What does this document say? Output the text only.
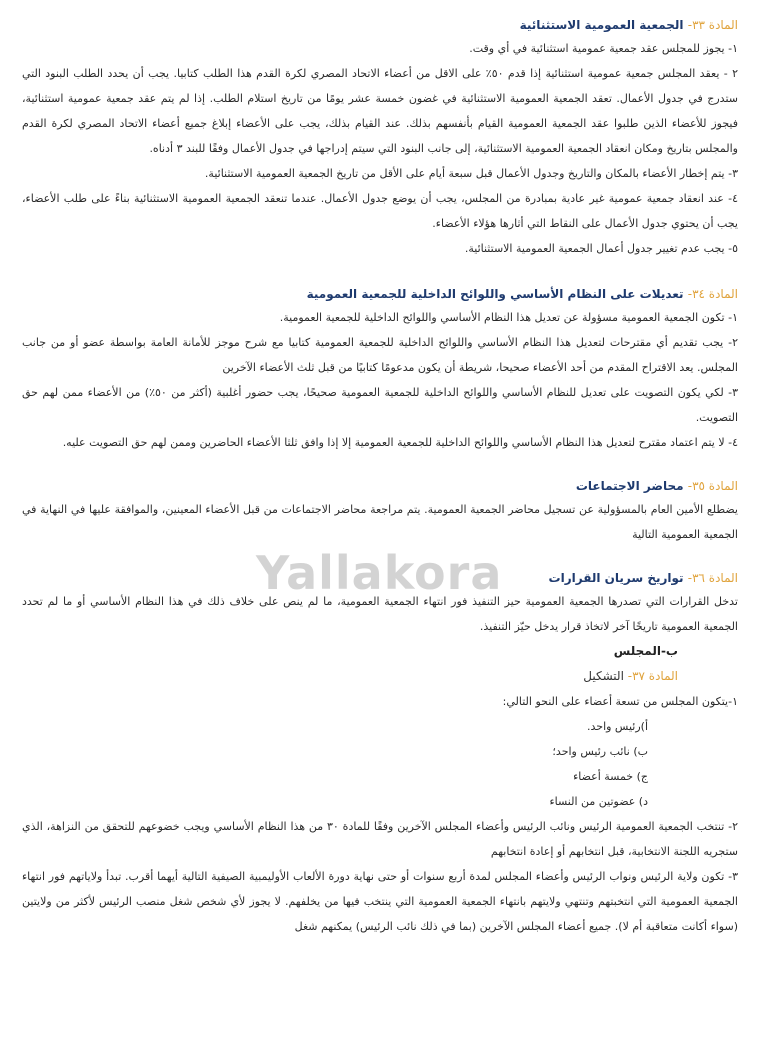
المادة ٣٣- الجمعية العمومية الاستثنائية

١- يجوز للمجلس عقد جمعية عمومية استثنائية في أي وقت.

٢ - يعقد المجلس جمعية عمومية استثنائية إذا قدم ٥٠٪ على الاقل من أعضاء الاتحاد المصري لكرة القدم هذا الطلب كتابيا. يجب أن يحدد الطلب البنود التي ستدرج في جدول الأعمال. تعقد الجمعية العمومية الاستثنائية في غضون خمسة عشر يومًا من تاريخ استلام الطلب. إذا لم يتم عقد جمعية عمومية استثنائية، فيجوز للأعضاء الذين طلبوا عقد الجمعية العمومية القيام بأنفسهم بذلك. عند القيام بذلك، يجب على الأعضاء إبلاغ جميع أعضاء الاتحاد المصري لكرة القدم والمجلس بتاريخ ومكان انعقاد الجمعية العمومية الاستثنائية، إلى جانب البنود التي سيتم إدراجها في جدول الأعمال وفقًا للبند ٣ أدناه.

٣- يتم إخطار الأعضاء بالمكان والتاريخ وجدول الأعمال قبل سبعة أيام على الأقل من تاريخ الجمعية العمومية الاستثنائية.

٤- عند انعقاد جمعية عمومية غير عادية بمبادرة من المجلس، يجب أن يوضع جدول الأعمال. عندما تنعقد الجمعية العمومية الاستثنائية بناءً على طلب الأعضاء، يجب أن يحتوي جدول الأعمال على النقاط التي أثارها هؤلاء الأعضاء.

٥- يجب عدم تغيير جدول أعمال الجمعية العمومية الاستثنائية.

المادة ٣٤- تعديلات على النظام الأساسي واللوائح الداخلية للجمعية العمومية

١- تكون الجمعية العمومية مسؤولة عن تعديل هذا النظام الأساسي واللوائح الداخلية للجمعية العمومية.

٢- يجب تقديم أي مقترحات لتعديل هذا النظام الأساسي واللوائح الداخلية للجمعية العمومية كتابيا مع شرح موجز للأمانة العامة بواسطة عضو أو من جانب المجلس. يعد الاقتراح المقدم من أحد الأعضاء صحيحا، شريطة أن يكون مدعومًا كتابيًا من قبل ثلث الأعضاء الآخرين

٣- لكي يكون التصويت على تعديل للنظام الأساسي واللوائح الداخلية للجمعية العمومية صحيحًا، يجب حضور أغلبية (أكثر من ٥٠٪) من الأعضاء ممن لهم حق التصويت.

٤- لا يتم اعتماد مقترح لتعديل هذا النظام الأساسي واللوائح الداخلية للجمعية العمومية إلا إذا وافق ثلثا الأعضاء الحاضرين وممن لهم حق التصويت عليه.

المادة ٣٥- محاضر الاجتماعات

يضطلع الأمين العام بالمسؤولية عن تسجيل محاضر الجمعية العمومية. يتم مراجعة محاضر الاجتماعات من قبل الأعضاء المعينين، والموافقة عليها في النهاية في الجمعية العمومية التالية

المادة ٣٦- تواريخ سريان القرارات

تدخل القرارات التي تصدرها الجمعية العمومية حيز التنفيذ فور انتهاء الجمعية العمومية، ما لم ينص على خلاف ذلك في هذا النظام الأساسي أو ما لم تحدد الجمعية العمومية تاريخًا آخر لاتخاذ قرار يدخل حيّز التنفيذ.

ب-المجلس

المادة ٣٧- التشكيل

١-يتكون المجلس من تسعة أعضاء على النحو التالي:

أ)رئيس واحد.

ب) نائب رئيس واحد؛

ج) خمسة أعضاء

د) عضوتين من النساء

٢- تنتخب الجمعية العمومية الرئيس ونائب الرئيس وأعضاء المجلس الآخرين وفقًا للمادة ٣٠ من هذا النظام الأساسي ويجب خضوعهم للتحقق من النزاهة، الذي ستجريه اللجنة الانتخابية، قبل انتخابهم أو إعادة انتخابهم

٣- تكون ولاية الرئيس ونواب الرئيس وأعضاء المجلس لمدة أربع سنوات أو حتى نهاية دورة الألعاب الأوليمبية الصيفية التالية أيهما أقرب. تبدأ ولاياتهم فور انتهاء الجمعية العمومية التي انتخبتهم وتنتهي ولايتهم بانتهاء الجمعية العمومية التي ينتخب فيها من يخلفهم. لا يجوز لأي شخص شغل منصب الرئيس لأكثر من ولايتين (سواء أكانت متعاقبة أم لا). جميع أعضاء المجلس الآخرين (بما في ذلك نائب الرئيس) يمكنهم شغل

Yallakora
